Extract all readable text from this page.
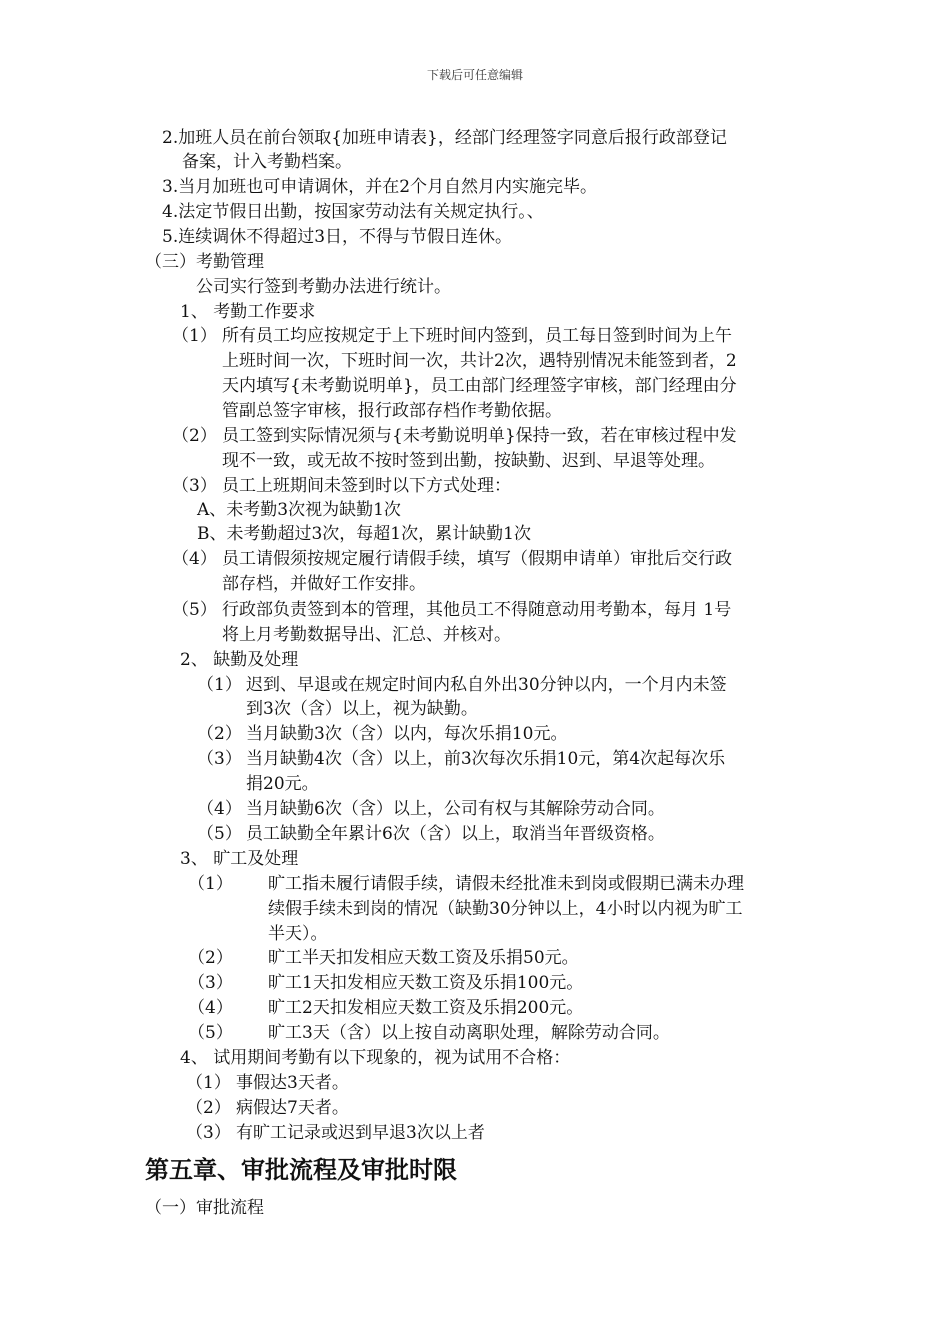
下载后可任意编辑
2.加班人员在前台领取{加班申请表}，经部门经理签字同意后报行政部登记
备案，计入考勤档案。
3.当月加班也可申请调休，并在2个月自然月内实施完毕。
4.法定节假日出勤，按国家劳动法有关规定执行。、
5.连续调休不得超过3日，不得与节假日连休。
（三）考勤管理
公司实行签到考勤办法进行统计。
1、 考勤工作要求
（1） 所有员工均应按规定于上下班时间内签到，员工每日签到时间为上午
上班时间一次，下班时间一次，共计2次，遇特别情况未能签到者，2
天内填写{未考勤说明单}，员工由部门经理签字审核，部门经理由分
管副总签字审核，报行政部存档作考勤依据。
（2） 员工签到实际情况须与{未考勤说明单}保持一致，若在审核过程中发
现不一致，或无故不按时签到出勤，按缺勤、迟到、早退等处理。
（3） 员工上班期间未签到时以下方式处理：
A、未考勤3次视为缺勤1次
B、未考勤超过3次，每超1次，累计缺勤1次
（4） 员工请假须按规定履行请假手续，填写（假期申请单）审批后交行政
部存档，并做好工作安排。
（5） 行政部负责签到本的管理，其他员工不得随意动用考勤本，每月 1号
将上月考勤数据导出、汇总、并核对。
2、 缺勤及处理
（1） 迟到、早退或在规定时间内私自外出30分钟以内，一个月内未签
到3次（含）以上，视为缺勤。
（2） 当月缺勤3次（含）以内，每次乐捐10元。
（3） 当月缺勤4次（含）以上，前3次每次乐捐10元，第4次起每次乐
捐20元。
（4） 当月缺勤6次（含）以上，公司有权与其解除劳动合同。
（5） 员工缺勤全年累计6次（含）以上，取消当年晋级资格。
3、 旷工及处理
（1） 旷工指未履行请假手续，请假未经批准未到岗或假期已满未办理
续假手续未到岗的情况（缺勤30分钟以上，4小时以内视为旷工
半天）。
（2） 旷工半天扣发相应天数工资及乐捐50元。
（3） 旷工1天扣发相应天数工资及乐捐100元。
（4） 旷工2天扣发相应天数工资及乐捐200元。
（5） 旷工3天（含）以上按自动离职处理，解除劳动合同。
4、 试用期间考勤有以下现象的，视为试用不合格：
（1） 事假达3天者。
（2） 病假达7天者。
（3） 有旷工记录或迟到早退3次以上者
第五章、审批流程及审批时限
（一）审批流程
